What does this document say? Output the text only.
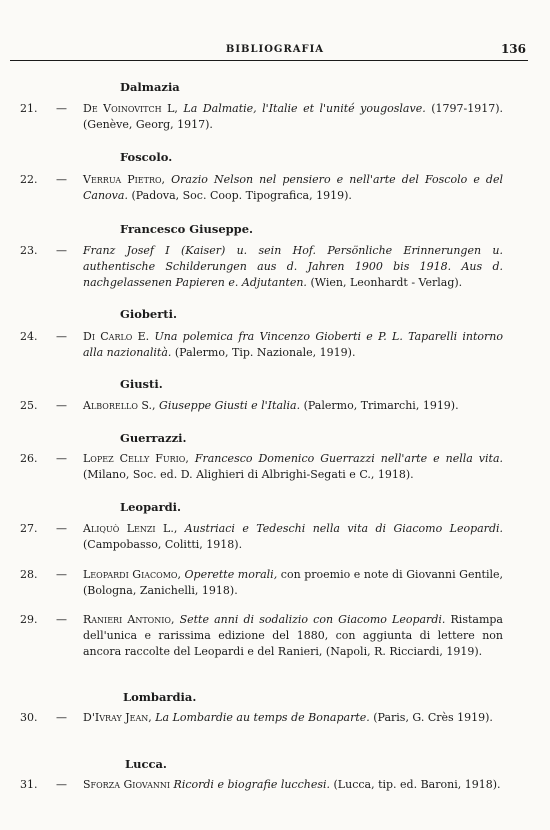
BIBLIOGRAFIA	136
Dalmazia
21.	— De Voinovitch L, La Dalmatie, l'Italie et l'unité yougoslave. (1797-1917). (Genève, Georg, 1917).
Foscolo.
22.	— Verrua Pietro, Orazio Nelson nel pensiero e nell'arte del Foscolo e del Canova. (Padova, Soc. Coop. Tipografica, 1919).
Francesco Giuseppe.
23.	— Franz Josef I (Kaiser) u. sein Hof. Persönliche Erinnerungen u. authentische Schilderungen aus d. Jahren 1900 bis 1918. Aus d. nachgelassenen Papieren e. Adjutanten. (Wien, Leonhardt - Verlag).
Gioberti.
24.	— Di Carlo E. Una polemica fra Vincenzo Gioberti e P. L. Taparelli intorno alla nazionalità. (Palermo, Tip. Nazionale, 1919).
Giusti.
25.	— Alborello S., Giuseppe Giusti e l'Italia. (Palermo, Trimarchi, 1919).
Guerrazzi.
26.	— Lopez Celly Furio, Francesco Domenico Guerrazzi nell'arte e nella vita. (Milano, Soc. ed. D. Alighieri di Albrighi-Segati e C., 1918).
Leopardi.
27.	— Aliquò Lenzi L., Austriaci e Tedeschi nella vita di Giacomo Leopardi. (Campobasso, Colitti, 1918).
28.	— Leopardi Giacomo, Operette morali, con proemio e note di Giovanni Gentile, (Bologna, Zanichelli, 1918).
29.	— Ranieri Antonio, Sette anni di sodalizio con Giacomo Leopardi. Ristampa dell'unica e rarissima edizione del 1880, con aggiunta di lettere non ancora raccolte del Leopardi e del Ranieri, (Napoli, R. Ricciardi, 1919).
Lombardia.
30.	— D'Ivray Jean, La Lombardie au temps de Bonaparte. (Paris, G. Crès 1919).
Lucca.
31.	— Sforza Giovanni Ricordi e biografie lucchesi. (Lucca, tip. ed. Baroni, 1918).
